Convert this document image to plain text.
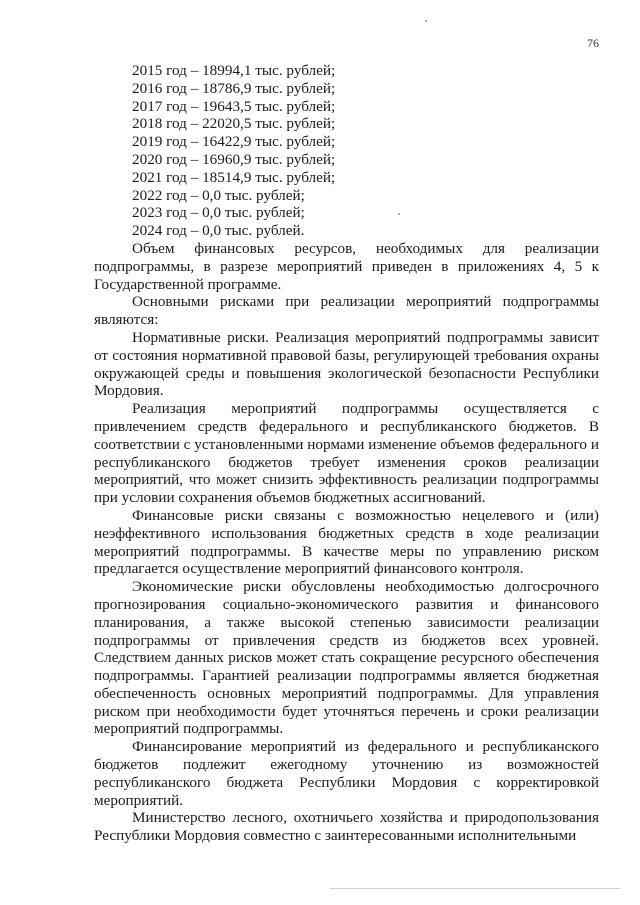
76

2015 год – 18994,1 тыс. рублей;

2016 год – 18786,9 тыс. рублей;

2017 год – 19643,5 тыс. рублей;

2018 год – 22020,5 тыс. рублей;

2019 год – 16422,9 тыс. рублей;

2020 год – 16960,9 тыс. рублей;

2021 год – 18514,9 тыс. рублей;

2022 год – 0,0 тыс. рублей;

2023 год – 0,0 тыс. рублей;

2024 год – 0,0 тыс. рублей.

Объем финансовых ресурсов, необходимых для реализации подпрограммы, в разрезе мероприятий приведен в приложениях 4, 5 к Государственной программе.

Основными рисками при реализации мероприятий подпрограммы являются:

Нормативные риски. Реализация мероприятий подпрограммы зависит от состояния нормативной правовой базы, регулирующей требования охраны окружающей среды и повышения экологической безопасности Республики Мордовия.

Реализация мероприятий подпрограммы осуществляется с привлечением средств федерального и республиканского бюджетов. В соответствии с установленными нормами изменение объемов федерального и республиканского бюджетов требует изменения сроков реализации мероприятий, что может снизить эффективность реализации подпрограммы при условии сохранения объемов бюджетных ассигнований.

Финансовые риски связаны с возможностью нецелевого и (или) неэффективного использования бюджетных средств в ходе реализации мероприятий подпрограммы. В качестве меры по управлению риском предлагается осуществление мероприятий финансового контроля.

Экономические риски обусловлены необходимостью долгосрочного прогнозирования социально-экономического развития и финансового планирования, а также высокой степенью зависимости реализации подпрограммы от привлечения средств из бюджетов всех уровней. Следствием данных рисков может стать сокращение ресурсного обеспечения подпрограммы. Гарантией реализации подпрограммы является бюджетная обеспеченность основных мероприятий подпрограммы. Для управления риском при необходимости будет уточняться перечень и сроки реализации мероприятий подпрограммы.

Финансирование мероприятий из федерального и республиканского бюджетов подлежит ежегодному уточнению из возможностей республиканского бюджета Республики Мордовия с корректировкой мероприятий.

Министерство лесного, охотничьего хозяйства и природопользования Республики Мордовия совместно с заинтересованными исполнительными
